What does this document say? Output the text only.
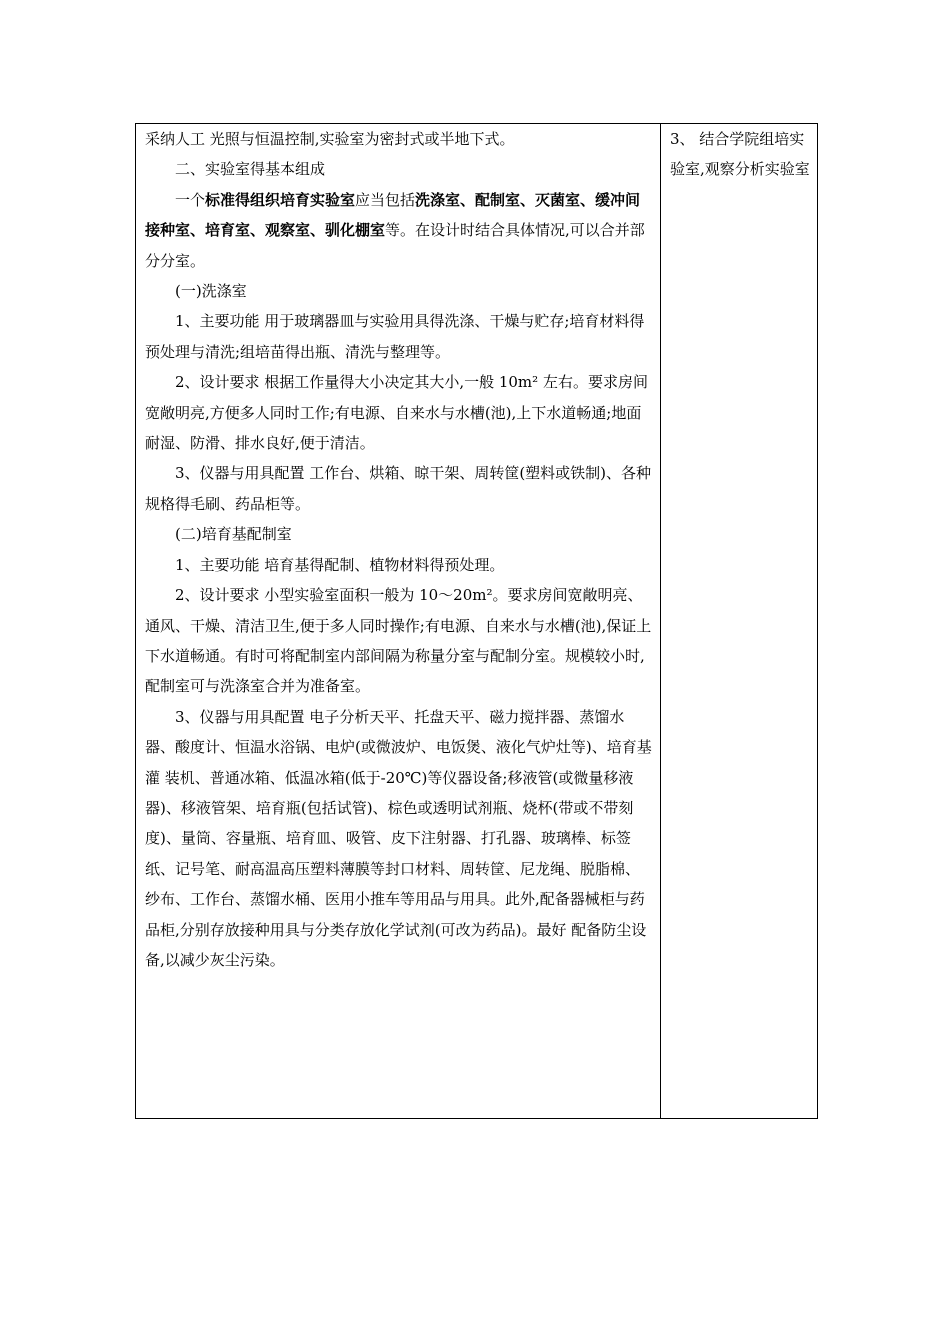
采纳人工 光照与恒温控制,实验室为密封式或半地下式。

二、实验室得基本组成

一个标准得组织培育实验室应当包括洗涤室、配制室、灭菌室、缓冲间接种室、培育室、观察室、驯化棚室等。在设计时结合具体情况,可以合并部分分室。

(一)洗涤室

1、主要功能 用于玻璃器皿与实验用具得洗涤、干燥与贮存;培育材料得预处理与清洗;组培苗得出瓶、清洗与整理等。

2、设计要求 根据工作量得大小决定其大小,一般 10m² 左右。要求房间宽敞明亮,方便多人同时工作;有电源、自来水与水槽(池),上下水道畅通;地面耐湿、防滑、排水良好,便于清洁。

3、仪器与用具配置 工作台、烘箱、晾干架、周转筐(塑料或铁制)、各种规格得毛刷、药品柜等。

(二)培育基配制室

1、主要功能 培育基得配制、植物材料得预处理。

2、设计要求 小型实验室面积一般为 10～20m²。要求房间宽敞明亮、通风、干燥、清洁卫生,便于多人同时操作;有电源、自来水与水槽(池),保证上下水道畅通。有时可将配制室内部间隔为称量分室与配制分室。规模较小时,配制室可与洗涤室合并为准备室。

3、仪器与用具配置 电子分析天平、托盘天平、磁力搅拌器、蒸馏水器、酸度计、恒温水浴锅、电炉(或微波炉、电饭煲、液化气炉灶等)、培育基灌 装机、普通冰箱、低温冰箱(低于-20℃)等仪器设备;移液管(或微量移液器)、移液管架、培育瓶(包括试管)、棕色或透明试剂瓶、烧杯(带或不带刻度)、量筒、容量瓶、培育皿、吸管、皮下注射器、打孔器、玻璃棒、标签纸、记号笔、耐高温高压塑料薄膜等封口材料、周转筐、尼龙绳、脱脂棉、纱布、工作台、蒸馏水桶、医用小推车等用品与用具。此外,配备器械柜与药品柜,分别存放接种用具与分类存放化学试剂(可改为药品)。最好 配备防尘设备,以减少灰尘污染。

3、 结合学院组培实验室,观察分析实验室
